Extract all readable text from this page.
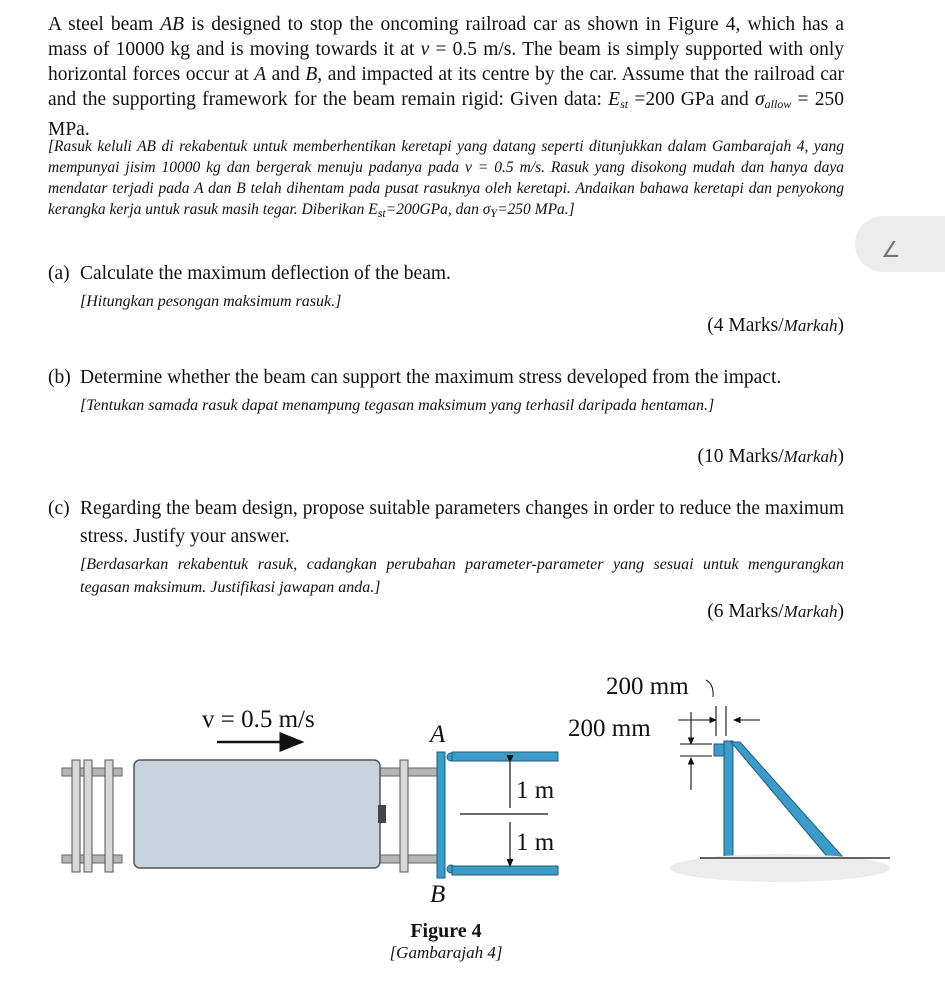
A steel beam AB is designed to stop the oncoming railroad car as shown in Figure 4, which has a mass of 10000 kg and is moving towards it at v = 0.5 m/s. The beam is simply supported with only horizontal forces occur at A and B, and impacted at its centre by the car. Assume that the railroad car and the supporting framework for the beam remain rigid: Given data: $E_{st} =200$ GPa and $\sigma_{allow} = 250$ MPa.
[Rasuk keluli AB di rekabentuk untuk memberhentikan keretapi yang datang seperti ditunjukkan dalam Gambarajah 4, yang mempunyai jisim 10000 kg dan bergerak menuju padanya pada v = 0.5 m/s. Rasuk yang disokong mudah dan hanya daya mendatar terjadi pada A dan B telah dihentam pada pusat rasuknya oleh keretapi. Andaikan bahawa keretapi dan penyokong kerangka kerja untuk rasuk masih tegar. Diberikan $E_{st}=200GPa$, dan $\sigma_Y=250$ MPa.]
∠
(a) Calculate the maximum deflection of the beam.
[Hitungkan pesongan maksimum rasuk.]
(4 Marks/Markah)
(b) Determine whether the beam can support the maximum stress developed from the impact.
[Tentukan samada rasuk dapat menampung tegasan maksimum yang terhasil daripada hentaman.]
(10 Marks/Markah)
(c) Regarding the beam design, propose suitable parameters changes in order to reduce the maximum stress. Justify your answer.
[Berdasarkan rekabentuk rasuk, cadangkan perubahan parameter-parameter yang sesuai untuk mengurangkan tegasan maksimum. Justifikasi jawapan anda.]
(6 Marks/Markah)
v = 0.5 m/s
A
B
1 m
1 m
200 mm
200 mm
Figure 4
[Gambarajah 4]
